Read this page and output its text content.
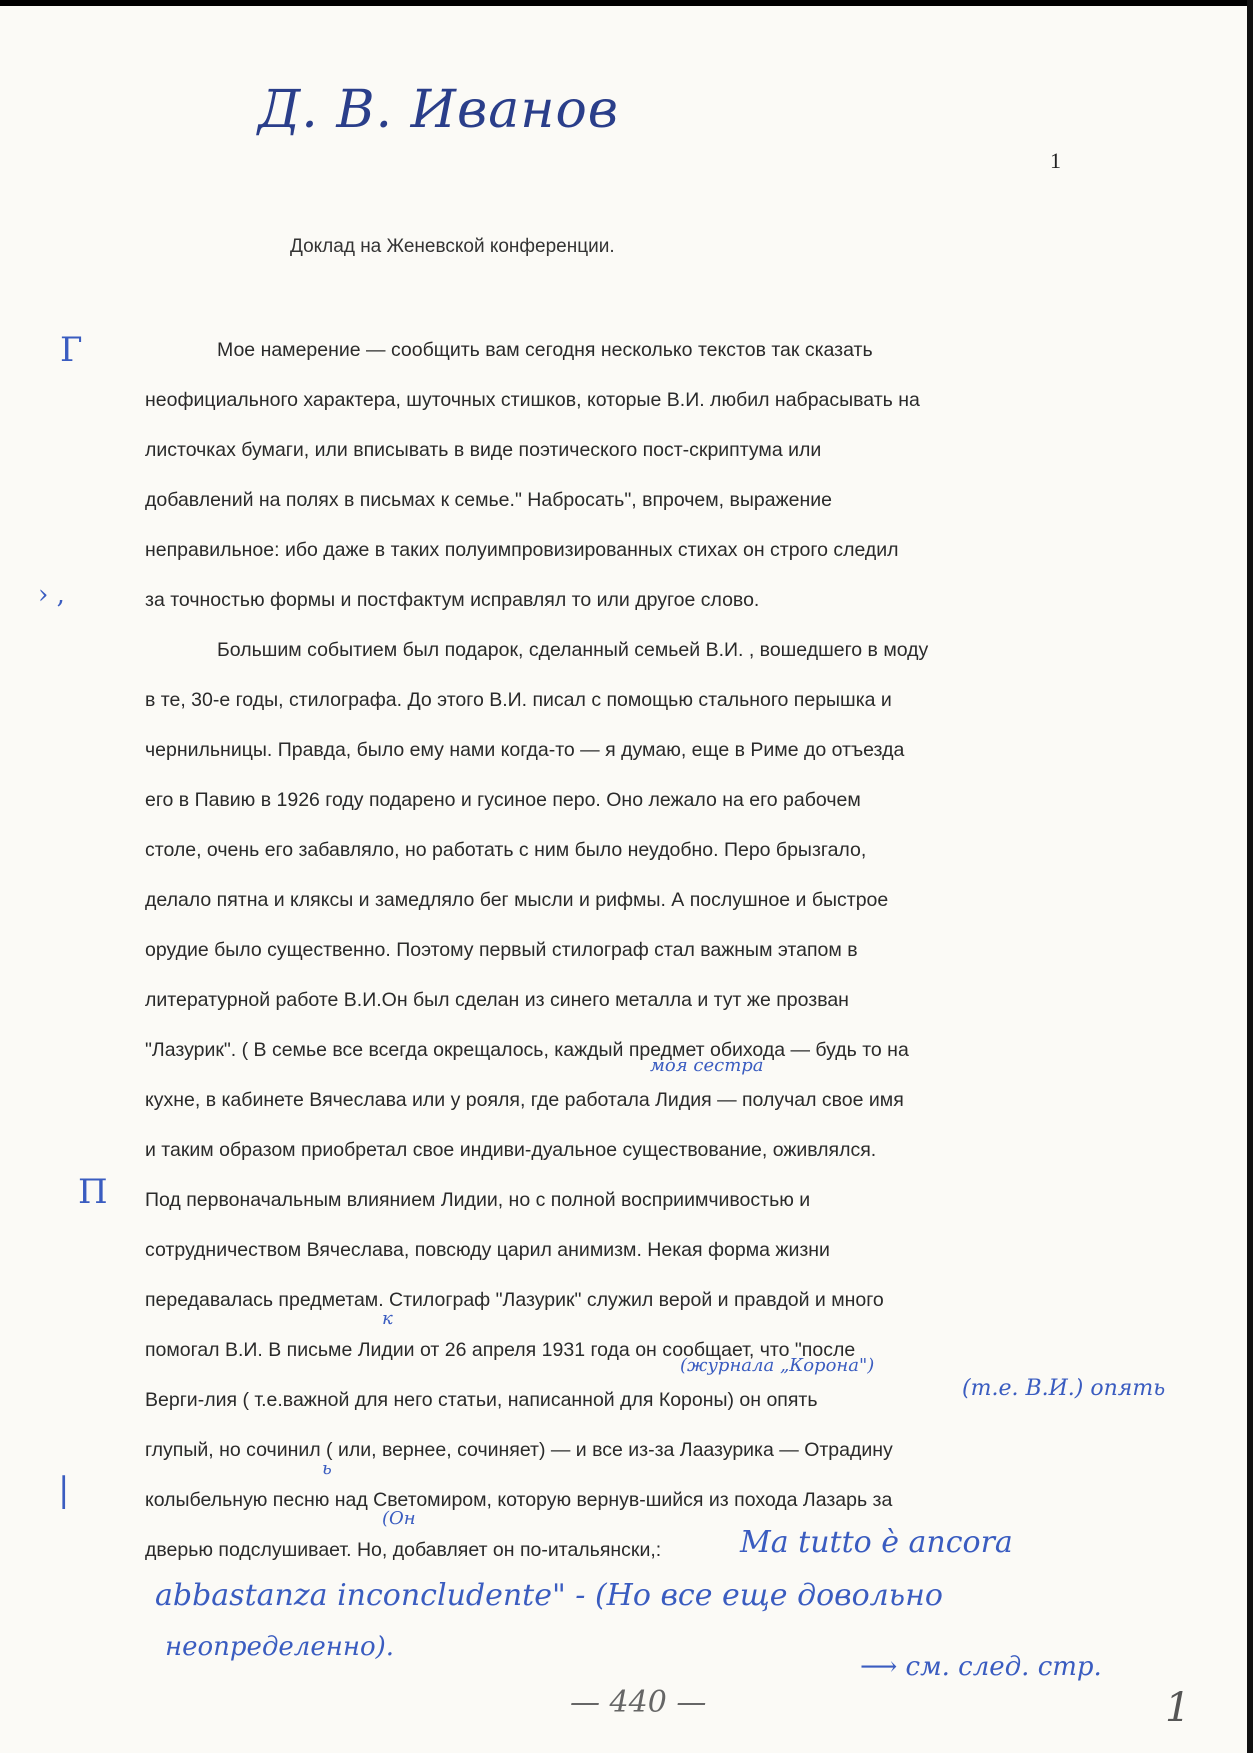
Д. В. Иванов
1
Доклад на Женевской конференции.
Г
› ,
П
|
моя сестра
(журнала „Корона")
к
ь
(Он
(т.е. В.И.) опять
Мое намерение — сообщить вам сегодня несколько текстов так сказать
неофициального характера, шуточных стишков, которые В.И. любил набрасывать на
листочках бумаги, или вписывать в виде поэтического пост-скриптума или
добавлений на полях в письмах к семье." Набросать", впрочем, выражение
неправильное: ибо даже в таких полуимпровизированных стихах он строго следил
за точностью формы и постфактум исправлял то или другое слово.
Большим событием был подарок, сделанный семьей В.И. , вошедшего в моду
в те, 30-е годы, стилографа. До этого В.И. писал с помощью стального перышка и
чернильницы. Правда, было ему нами когда-то — я думаю, еще в Риме до отъезда
его в Павию в 1926 году подарено и гусиное перо. Оно лежало на его рабочем
столе, очень его забавляло, но работать с ним было неудобно. Перо брызгало,
делало пятна и кляксы и замедляло бег мысли и рифмы. А послушное и быстрое
орудие было существенно. Поэтому первый стилограф стал важным этапом в
литературной работе В.И.Он был сделан из синего металла и тут же прозван
"Лазурик". ( В семье все всегда окрещалось, каждый предмет обихода — будь то на
кухне, в кабинете Вячеслава или у рояля, где работала Лидия — получал свое имя
и таким образом приобретал свое индиви-дуальное существование, оживлялся.
Под первоначальным влиянием Лидии, но с полной восприимчивостью и
сотрудничеством Вячеслава, повсюду царил анимизм. Некая форма жизни
передавалась предметам. Стилограф "Лазурик" служил верой и правдой и много
помогал В.И. В письме Лидии от 26 апреля 1931 года он сообщает, что "после
Верги-лия ( т.е.важной для него статьи, написанной для Короны) он опять
глупый, но сочинил ( или, вернее, сочиняет) — и все из-за Лаазурика — Отрадину
колыбельную песню над Светомиром, которую вернув-шийся из похода Лазарь за
дверью подслушивает. Но, добавляет он по-итальянски,:	Ma tutto è ancora
abbastanza inconcludente" - (Но все еще довольно
неопределенно).
⟶ см. след. стр.
— 440 —	1
